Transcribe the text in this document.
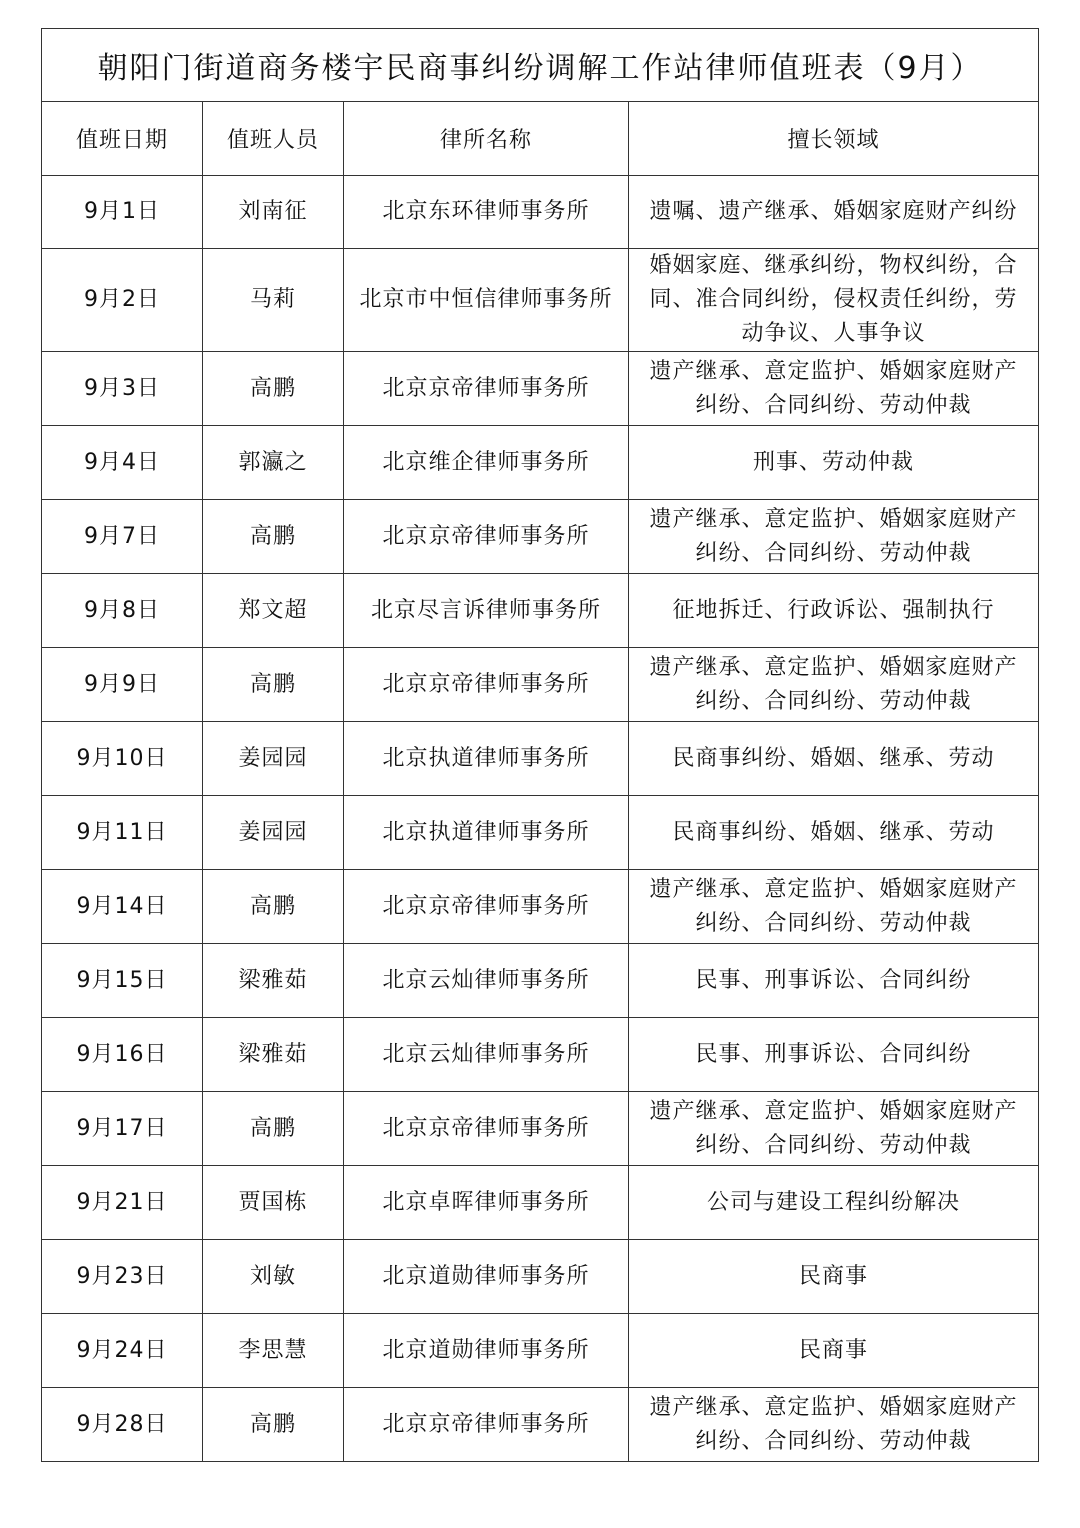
朝阳门街道商务楼宇民商事纠纷调解工作站律师值班表（9月）			
值班日期	值班人员	律所名称	擅长领域
9月1日	刘南征	北京东环律师事务所	遗嘱、遗产继承、婚姻家庭财产纠纷
9月2日	马莉	北京市中恒信律师事务所	婚姻家庭、继承纠纷，物权纠纷，合同、准合同纠纷，侵权责任纠纷，劳动争议、人事争议
9月3日	高鹏	北京京帝律师事务所	遗产继承、意定监护、婚姻家庭财产纠纷、合同纠纷、劳动仲裁
9月4日	郭瀛之	北京维企律师事务所	刑事、劳动仲裁
9月7日	高鹏	北京京帝律师事务所	遗产继承、意定监护、婚姻家庭财产纠纷、合同纠纷、劳动仲裁
9月8日	郑文超	北京尽言诉律师事务所	征地拆迁、行政诉讼、强制执行
9月9日	高鹏	北京京帝律师事务所	遗产继承、意定监护、婚姻家庭财产纠纷、合同纠纷、劳动仲裁
9月10日	姜园园	北京执道律师事务所	民商事纠纷、婚姻、继承、劳动
9月11日	姜园园	北京执道律师事务所	民商事纠纷、婚姻、继承、劳动
9月14日	高鹏	北京京帝律师事务所	遗产继承、意定监护、婚姻家庭财产纠纷、合同纠纷、劳动仲裁
9月15日	梁雅茹	北京云灿律师事务所	民事、刑事诉讼、合同纠纷
9月16日	梁雅茹	北京云灿律师事务所	民事、刑事诉讼、合同纠纷
9月17日	高鹏	北京京帝律师事务所	遗产继承、意定监护、婚姻家庭财产纠纷、合同纠纷、劳动仲裁
9月21日	贾国栋	北京卓晖律师事务所	公司与建设工程纠纷解决
9月23日	刘敏	北京道勋律师事务所	民商事
9月24日	李思慧	北京道勋律师事务所	民商事
9月28日	高鹏	北京京帝律师事务所	遗产继承、意定监护、婚姻家庭财产纠纷、合同纠纷、劳动仲裁
